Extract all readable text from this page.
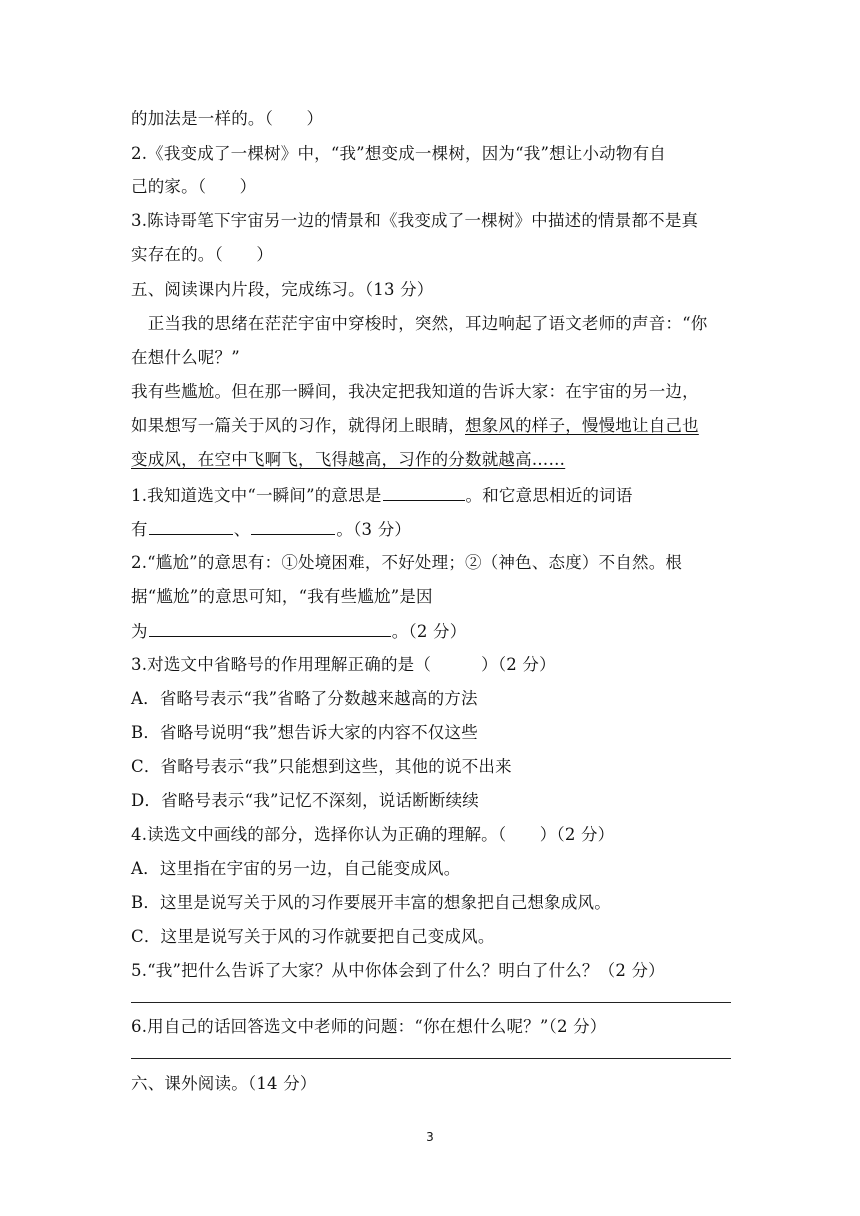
的加法是一样的。（　　）
2.《我变成了一棵树》中，“我”想变成一棵树，因为“我”想让小动物有自
己的家。（　　）
3.陈诗哥笔下宇宙另一边的情景和《我变成了一棵树》中描述的情景都不是真
实存在的。（　　）
五、阅读课内片段，完成练习。（13 分）
　正当我的思绪在茫茫宇宙中穿梭时，突然，耳边响起了语文老师的声音：“你
在想什么呢？”
我有些尴尬。但在那一瞬间，我决定把我知道的告诉大家：在宇宙的另一边，
如果想写一篇关于风的习作，就得闭上眼睛，想象风的样子，慢慢地让自己也
变成风，在空中飞啊飞，飞得越高，习作的分数就越高……
1.我知道选文中“一瞬间”的意思是	。和它意思相近的词语
有	、	。（3 分）
2.“尴尬”的意思有：①处境困难，不好处理；②（神色、态度）不自然。根
据“尴尬”的意思可知，“我有些尴尬”是因
为	。（2 分）
3.对选文中省略号的作用理解正确的是（　　　）（2 分）
A．省略号表示“我”省略了分数越来越高的方法
B．省略号说明“我”想告诉大家的内容不仅这些
C．省略号表示“我”只能想到这些，其他的说不出来
D．省略号表示“我”记忆不深刻，说话断断续续
4.读选文中画线的部分，选择你认为正确的理解。（　　）（2 分）
A．这里指在宇宙的另一边，自己能变成风。
B．这里是说写关于风的习作要展开丰富的想象把自己想象成风。
C．这里是说写关于风的习作就要把自己变成风。
5.“我”把什么告诉了大家？从中你体会到了什么？明白了什么？（2 分）
6.用自己的话回答选文中老师的问题：“你在想什么呢？”（2 分）
六、课外阅读。（14 分）
3
